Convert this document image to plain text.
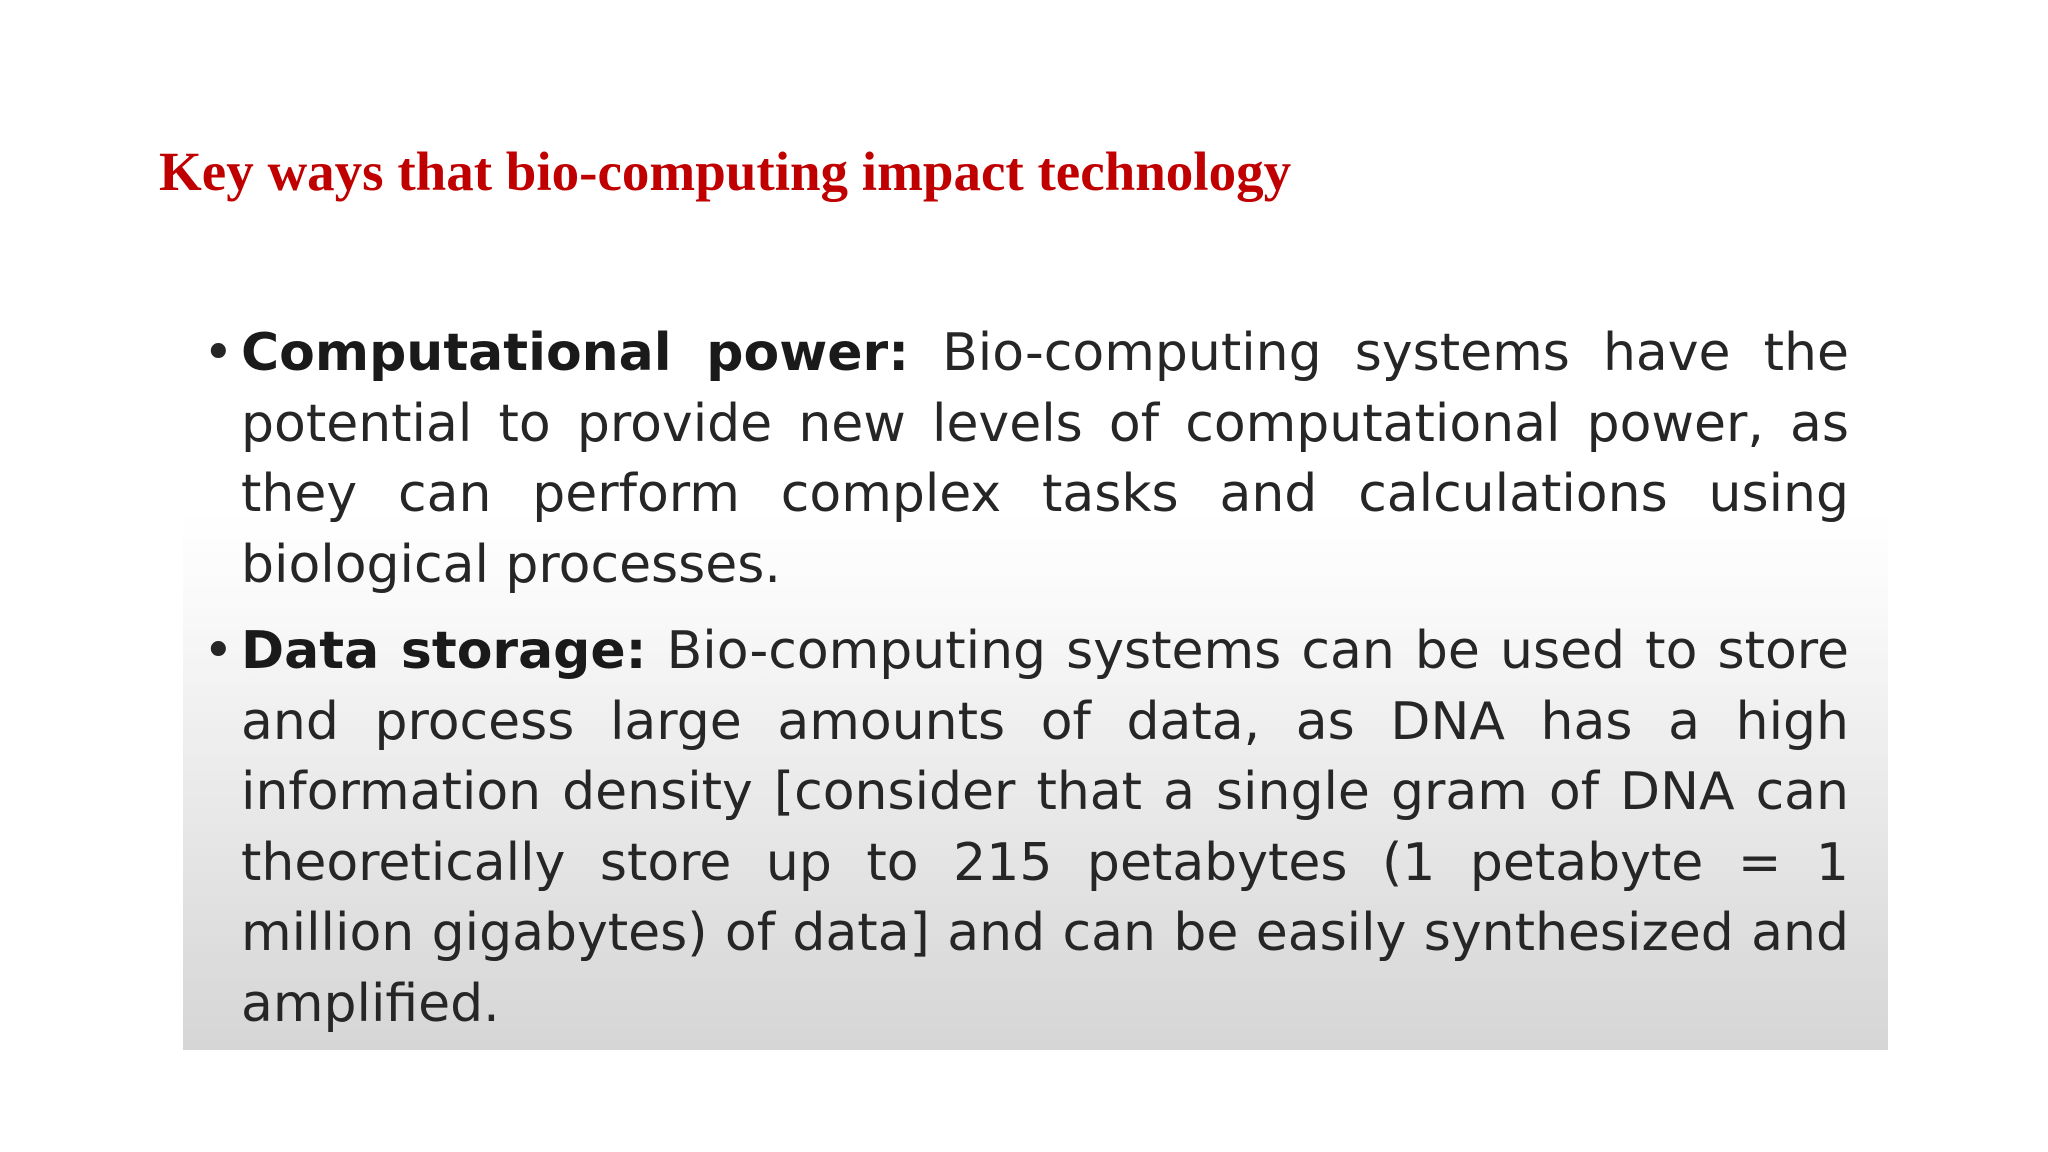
Key ways that bio-computing impact technology
• Computational power: Bio-computing systems have the potential to provide new levels of computational power, as they can perform complex tasks and calculations using biological processes.
• Data storage: Bio-computing systems can be used to store and process large amounts of data, as DNA has a high information density [consider that a single gram of DNA can theoretically store up to 215 petabytes (1 petabyte = 1 million gigabytes) of data] and can be easily synthesized and amplified.
